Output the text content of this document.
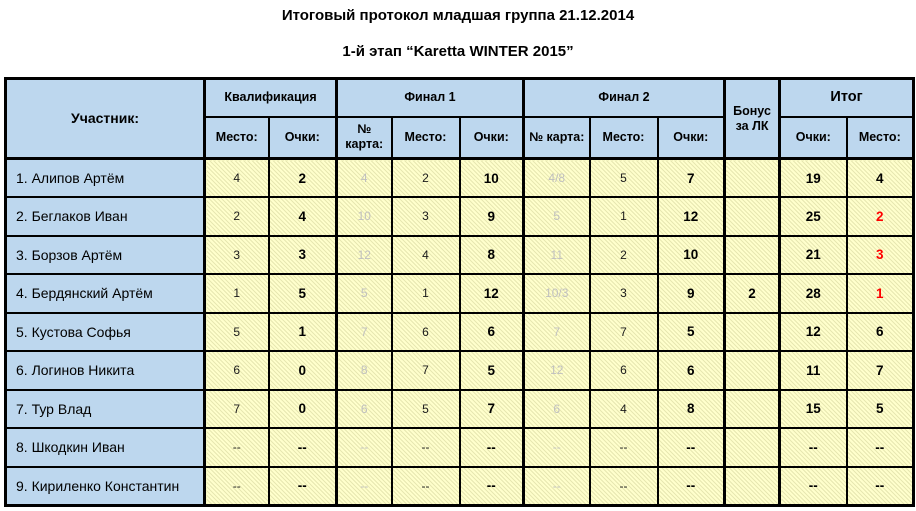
Итоговый протокол младшая группа 21.12.2014
1-й этап “Karetta WINTER 2015”
Участник:	Квалификация		Финал 1			Финал 2			Бонус за ЛК	Итог	
	Место:	Очки:	№ карта:	Место:	Очки:	№ карта:	Место:	Очки:		Очки:	Место:
1. Алипов Артём	4	2	4	2	10	4/8	5	7		19	4
2. Беглаков Иван	2	4	10	3	9	5	1	12		25	2
3. Борзов Артём	3	3	12	4	8	11	2	10		21	3
4. Бердянский Артём	1	5	5	1	12	10/3	3	9	2	28	1
5. Кустова Софья	5	1	7	6	6	7	7	5		12	6
6. Логинов Никита	6	0	8	7	5	12	6	6		11	7
7. Тур Влад	7	0	6	5	7	6	4	8		15	5
8. Шкодкин Иван	--	--	--	--	--	--	--	--		--	--
9. Кириленко Константин	--	--	--	--	--	--	--	--		--	--
